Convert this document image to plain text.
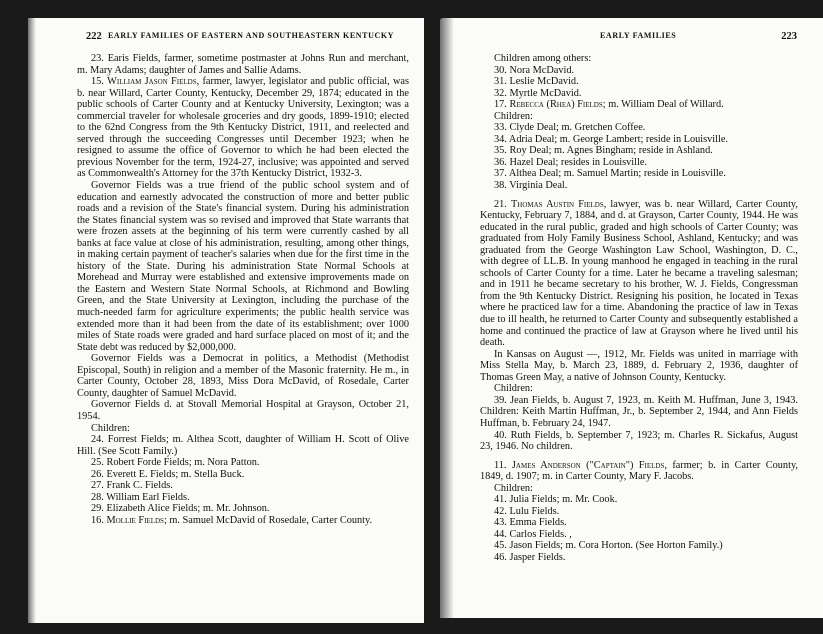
222 EARLY FAMILIES OF EASTERN AND SOUTHEASTERN KENTUCKY

23. Earis Fields, farmer, sometime postmaster at Johns Run and merchant, m. Mary Adams; daughter of James and Sallie Adams.

15. William Jason Fields, farmer, lawyer, legislator and public official, was b. near Willard, Carter County, Kentucky, December 29, 1874; educated in the public schools of Carter County and at Kentucky University, Lexington; was a commercial traveler for wholesale groceries and dry goods, 1899-1910; elected to the 62nd Congress from the 9th Kentucky District, 1911, and reelected and served through the succeeding Congresses until December 1923; when he resigned to assume the office of Governor to which he had been elected the previous November for the term, 1924-27, inclusive; was appointed and served as Commonwealth's Attorney for the 37th Kentucky District, 1932-3.

Governor Fields was a true friend of the public school system and of education and earnestly advocated the construction of more and better public roads and a revision of the State's financial system. During his administration the States financial system was so revised and improved that State warrants that were frozen assets at the beginning of his term were currently cashed by all banks at face value at close of his administration, resulting, among other things, in making certain payment of teacher's salaries when due for the first time in the history of the State. During his administration State Normal Schools at Morehead and Murray were established and extensive improvements made on the Eastern and Western State Normal Schools, at Richmond and Bowling Green, and the State University at Lexington, including the purchase of the much-needed farm for agriculture experiments; the public health service was extended more than it had been from the date of its establishment; over 1000 miles of State roads were graded and hard surface placed on most of it; and the State debt was reduced by $2,000,000.

Governor Fields was a Democrat in politics, a Methodist (Methodist Episcopal, South) in religion and a member of the Masonic fraternity. He m., in Carter County, October 28, 1893, Miss Dora McDavid, of Rosedale, Carter County, daughter of Samuel McDavid.

Governor Fields d. at Stovall Memorial Hospital at Grayson, October 21, 1954.

Children:

24. Forrest Fields; m. Althea Scott, daughter of William H. Scott of Olive Hill. (See Scott Family.)

25. Robert Forde Fields; m. Nora Patton.

26. Everett E. Fields; m. Stella Buck.

27. Frank C. Fields.

28. William Earl Fields.

29. Elizabeth Alice Fields; m. Mr. Johnson.

16. Mollie Fields; m. Samuel McDavid of Rosedale, Carter County.

EARLY FAMILIES	223

Children among others:

30. Nora McDavid.

31. Leslie McDavid.

32. Myrtle McDavid.

17. Rebecca (Rhea) Fields; m. William Deal of Willard.

Children:

33. Clyde Deal; m. Gretchen Coffee.

34. Adria Deal; m. George Lambert; reside in Louisville.

35. Roy Deal; m. Agnes Bingham; reside in Ashland.

36. Hazel Deal; resides in Louisville.

37. Althea Deal; m. Samuel Martin; reside in Louisville.

38. Virginia Deal.

21. Thomas Austin Fields, lawyer, was b. near Willard, Carter County, Kentucky, February 7, 1884, and d. at Grayson, Carter County, 1944. He was educated in the rural public, graded and high schools of Carter County; was graduated from Holy Family Business School, Ashland, Kentucky; and was graduated from the George Washington Law School, Washington, D. C., with degree of LL.B. In young manhood he engaged in teaching in the rural schools of Carter County for a time. Later he became a traveling salesman; and in 1911 he became secretary to his brother, W. J. Fields, Congressman from the 9th Kentucky District. Resigning his position, he located in Texas where he practiced law for a time. Abandoning the practice of law in Texas due to ill health, he returned to Carter County and subsequently established a home and continued the practice of law at Grayson where he lived until his death.

In Kansas on August —, 1912, Mr. Fields was united in marriage with Miss Stella May, b. March 23, 1889, d. February 2, 1936, daughter of Thomas Green May, a native of Johnson County, Kentucky.

Children:

39. Jean Fields, b. August 7, 1923, m. Keith M. Huffman, June 3, 1943. Children: Keith Martin Huffman, Jr., b. September 2, 1944, and Ann Fields Huffman, b. February 24, 1947.

40. Ruth Fields, b. September 7, 1923; m. Charles R. Sickafus, August 23, 1946. No children.

11. James Anderson ("Captain") Fields, farmer; b. in Carter County, 1849, d. 1907; m. in Carter County, Mary F. Jacobs.

Children:

41. Julia Fields; m. Mr. Cook.

42. Lulu Fields.

43. Emma Fields.

44. Carlos Fields. ,

45. Jason Fields; m. Cora Horton. (See Horton Family.)

46. Jasper Fields.
